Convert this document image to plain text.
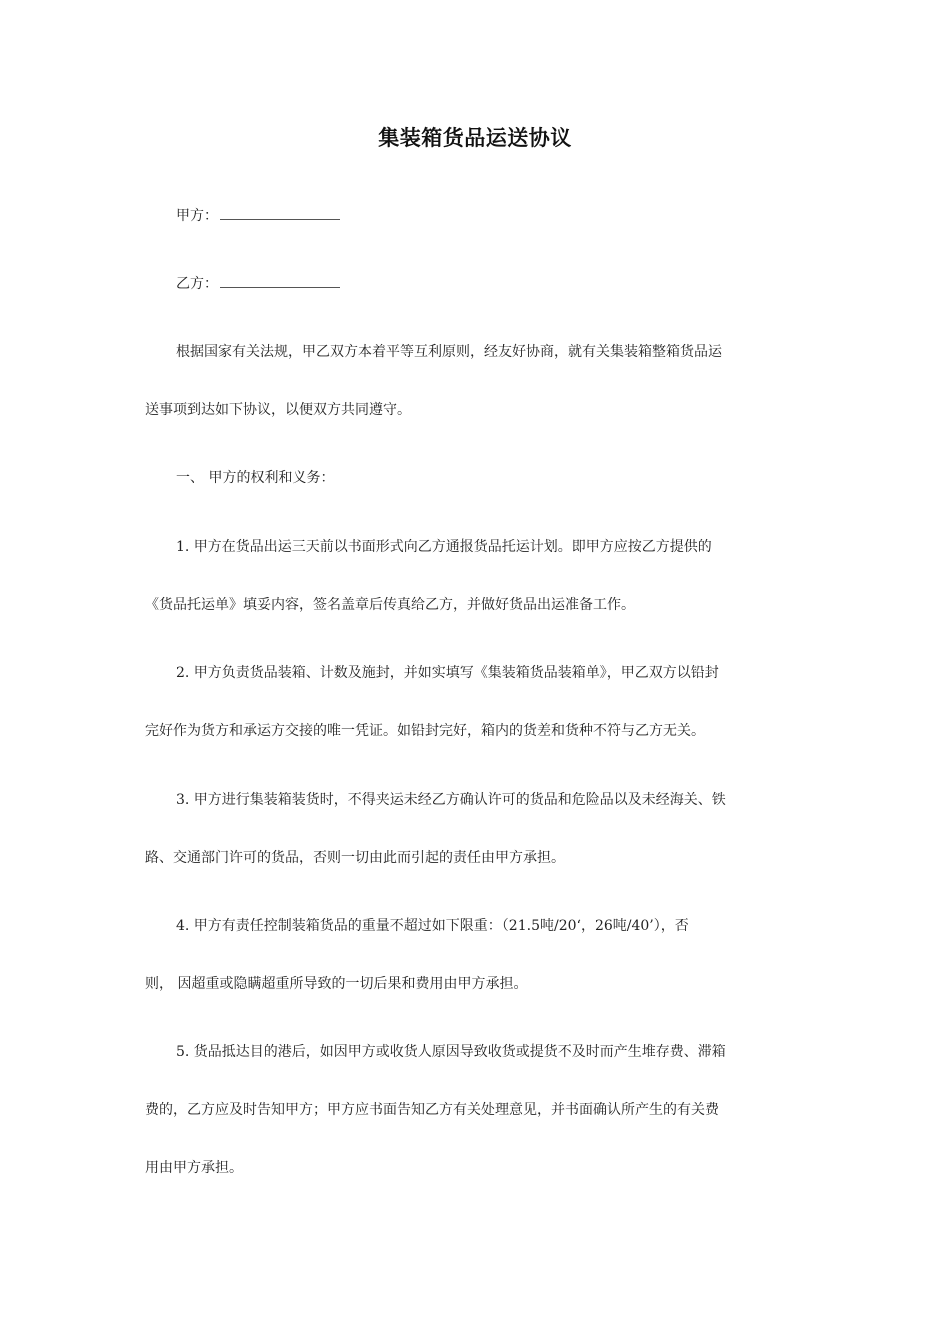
集装箱货品运送协议
甲方：
乙方：
根据国家有关法规，甲乙双方本着平等互利原则，经友好协商，就有关集装箱整箱货品运
送事项到达如下协议，以便双方共同遵守。
一、 甲方的权利和义务：
1. 甲方在货品出运三天前以书面形式向乙方通报货品托运计划。即甲方应按乙方提供的
《货品托运单》填妥内容，签名盖章后传真给乙方，并做好货品出运准备工作。
2. 甲方负责货品装箱、计数及施封，并如实填写《集装箱货品装箱单》，甲乙双方以铅封
完好作为货方和承运方交接的唯一凭证。如铅封完好，箱内的货差和货种不符与乙方无关。
3. 甲方进行集装箱装货时，不得夹运未经乙方确认许可的货品和危险品以及未经海关、铁
路、交通部门许可的货品，否则一切由此而引起的责任由甲方承担。
4. 甲方有责任控制装箱货品的重量不超过如下限重：（21.5吨/20‘，26吨/40’），否
则， 因超重或隐瞒超重所导致的一切后果和费用由甲方承担。
5. 货品抵达目的港后，如因甲方或收货人原因导致收货或提货不及时而产生堆存费、滞箱
费的，乙方应及时告知甲方；甲方应书面告知乙方有关处理意见，并书面确认所产生的有关费
用由甲方承担。
